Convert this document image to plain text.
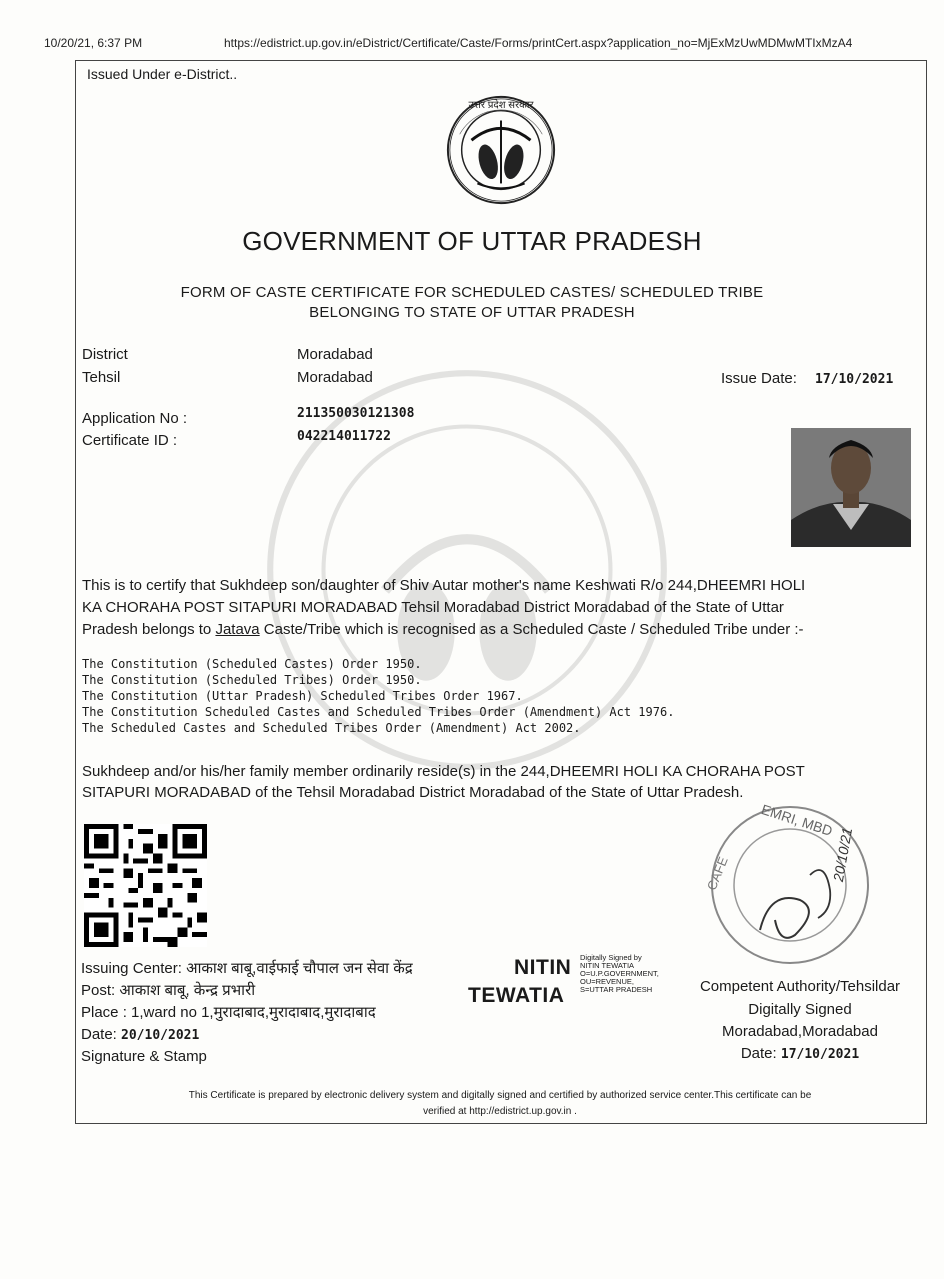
10/20/21, 6:37 PM	https://edistrict.up.gov.in/eDistrict/Certificate/Caste/Forms/printCert.aspx?application_no=MjExMzUwMDMwMTIxMzA4
Issued Under e-District..
उत्तर प्रदेश सरकार
GOVERNMENT OF UTTAR PRADESH
FORM OF CASTE CERTIFICATE FOR SCHEDULED CASTES/ SCHEDULED TRIBE
BELONGING TO STATE OF UTTAR PRADESH
District	Moradabad
Tehsil	Moradabad	Issue Date: 17/10/2021
Application No :	211350030121308
Certificate ID :	042214011722
This is to certify that Sukhdeep son/daughter of Shiv Autar mother's name Keshwati R/o 244,DHEEMRI HOLI
KA CHORAHA POST SITAPURI MORADABAD Tehsil Moradabad District Moradabad of the State of Uttar
Pradesh belongs to Jatava Caste/Tribe which is recognised as a Scheduled Caste / Scheduled Tribe under :-
The Constitution (Scheduled Castes) Order 1950.
The Constitution (Scheduled Tribes) Order 1950.
The Constitution (Uttar Pradesh) Scheduled Tribes Order 1967.
The Constitution Scheduled Castes and Scheduled Tribes Order (Amendment) Act 1976.
The Scheduled Castes and Scheduled Tribes Order (Amendment) Act 2002.
Sukhdeep and/or his/her family member ordinarily reside(s) in the 244,DHEEMRI HOLI KA CHORAHA POST
SITAPURI MORADABAD of the Tehsil Moradabad District Moradabad of the State of Uttar Pradesh.
EMRI, MBD
CAFE	20/10/21
Issuing Center: आकाश बाबू,वाईफाई चौपाल जन सेवा केंद्र
Post: आकाश बाबू, केन्द्र प्रभारी
Place : 1,ward no 1,मुरादाबाद,मुरादाबाद,मुरादाबाद
Date: 20/10/2021
Signature & Stamp
NITIN
TEWATIA
Digitally Signed by
NITIN TEWATIA
O=U.P.GOVERNMENT,
OU=REVENUE,
S=UTTAR PRADESH	Competent Authority/Tehsildar
Digitally Signed
Moradabad,Moradabad
Date: 17/10/2021
This Certificate is prepared by electronic delivery system and digitally signed and certified by authorized service center.This certificate can be
verified at http://edistrict.up.gov.in .
